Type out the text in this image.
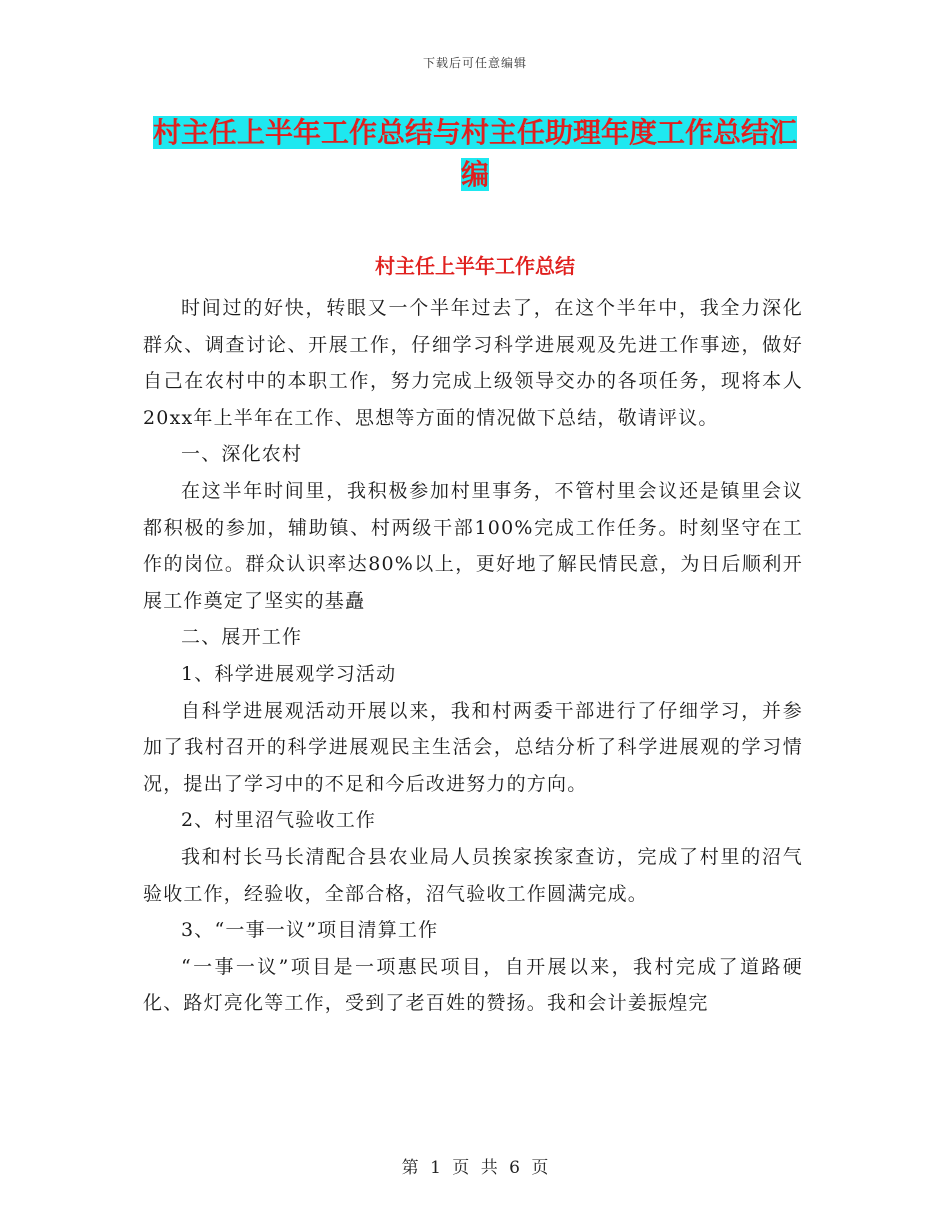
下载后可任意编辑
村主任上半年工作总结与村主任助理年度工作总结汇编
村主任上半年工作总结

时间过的好快，转眼又一个半年过去了，在这个半年中，我全力深化群众、调查讨论、开展工作，仔细学习科学进展观及先进工作事迹，做好自己在农村中的本职工作，努力完成上级领导交办的各项任务，现将本人20xx年上半年在工作、思想等方面的情况做下总结，敬请评议。

一、深化农村

在这半年时间里，我积极参加村里事务，不管村里会议还是镇里会议都积极的参加，辅助镇、村两级干部100%完成工作任务。时刻坚守在工作的岗位。群众认识率达80%以上，更好地了解民情民意，为日后顺利开展工作奠定了坚实的基矗

二、展开工作

1、科学进展观学习活动

自科学进展观活动开展以来，我和村两委干部进行了仔细学习，并参加了我村召开的科学进展观民主生活会，总结分析了科学进展观的学习情况，提出了学习中的不足和今后改进努力的方向。

2、村里沼气验收工作

我和村长马长清配合县农业局人员挨家挨家查访，完成了村里的沼气验收工作，经验收，全部合格，沼气验收工作圆满完成。

3、“一事一议”项目清算工作

“一事一议”项目是一项惠民项目，自开展以来，我村完成了道路硬化、路灯亮化等工作，受到了老百姓的赞扬。我和会计姜振煌完

第 1 页 共 6 页
